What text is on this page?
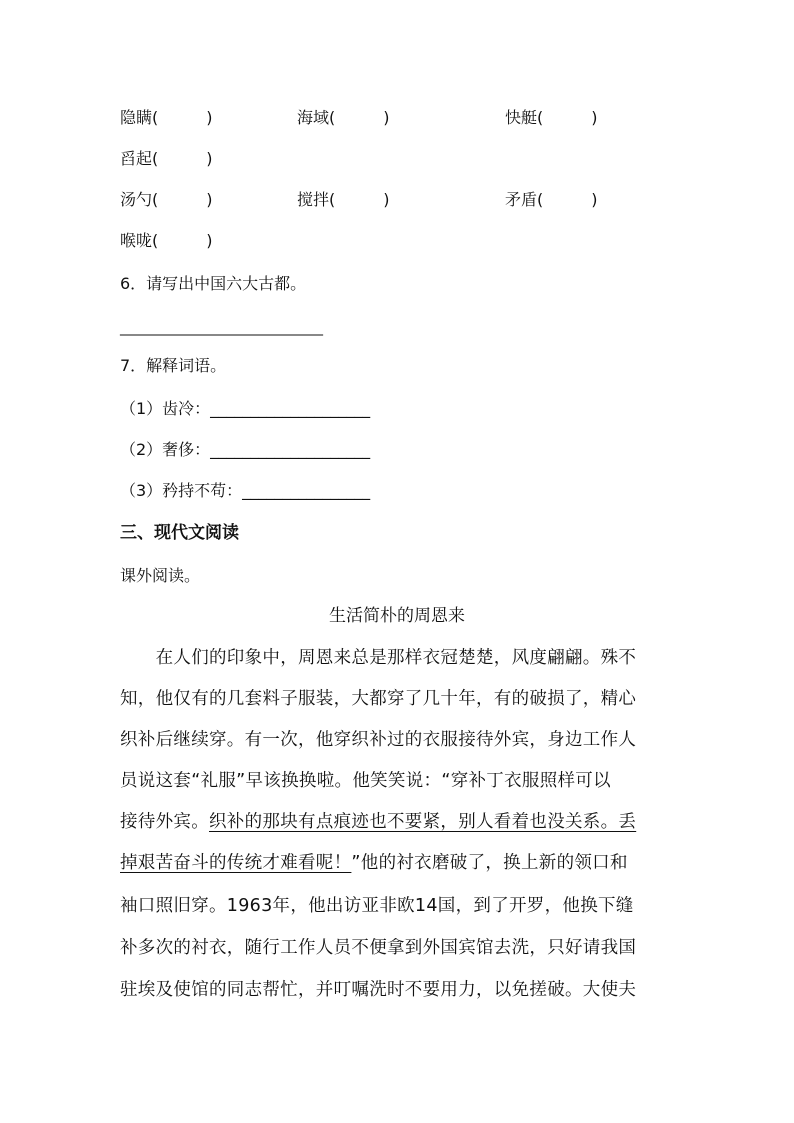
隐瞒(　　　)	海域(　　　)	快艇(　　　)
舀起(　　　)
汤勺(　　　)	搅拌(　　　)	矛盾(　　　)
喉咙(　　　)
6．请写出中国六大古都。
_____________________________
7．解释词语。
（1）齿冷：____________________
（2）奢侈：____________________
（3）矜持不苟：________________
三、现代文阅读
课外阅读。
生活简朴的周恩来
　　在人们的印象中，周恩来总是那样衣冠楚楚，风度翩翩。殊不
知，他仅有的几套料子服装，大都穿了几十年，有的破损了，精心
织补后继续穿。有一次，他穿织补过的衣服接待外宾，身边工作人
员说这套“礼服”早该换换啦。他笑笑说：“穿补丁衣服照样可以
接待外宾。织补的那块有点痕迹也不要紧，别人看着也没关系。丢
掉艰苦奋斗的传统才难看呢！”他的衬衣磨破了，换上新的领口和
袖口照旧穿。1963年，他出访亚非欧14国，到了开罗，他换下缝
补多次的衬衣，随行工作人员不便拿到外国宾馆去洗，只好请我国
驻埃及使馆的同志帮忙，并叮嘱洗时不要用力，以免搓破。大使夫
